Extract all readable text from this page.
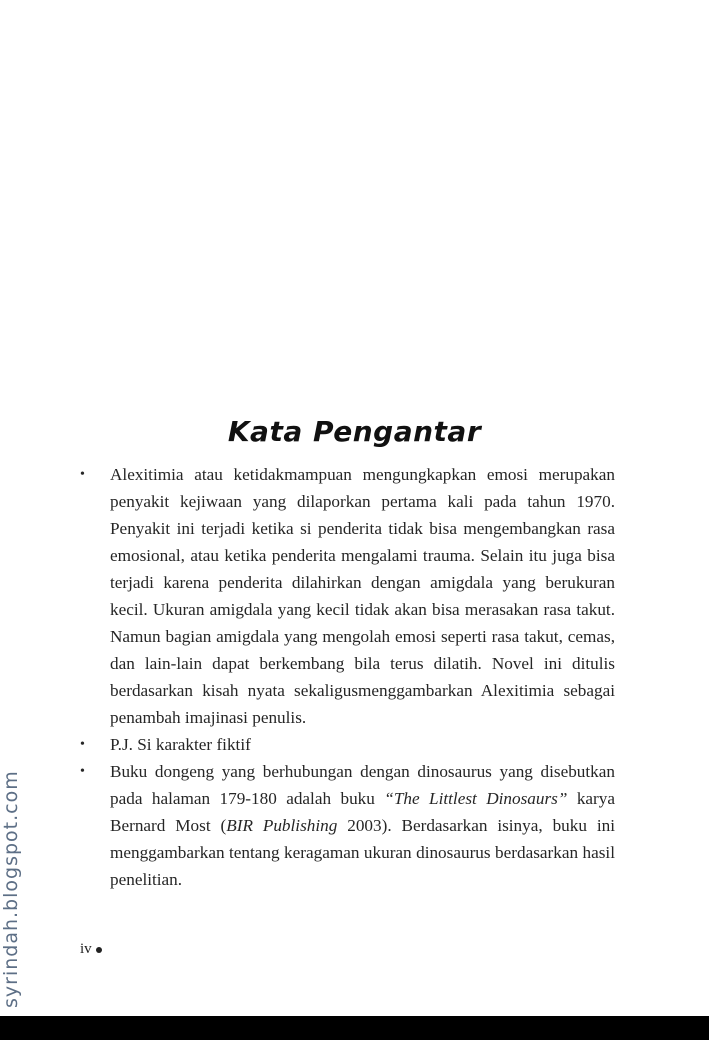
Kata Pengantar
• Alexitimia atau ketidakmampuan mengungkapkan emosi merupakan penyakit kejiwaan yang dilaporkan pertama kali pada tahun 1970. Penyakit ini terjadi ketika si penderita tidak bisa mengembangkan rasa emosional, atau ketika penderita mengalami trauma. Selain itu juga bisa terjadi karena penderita dilahirkan dengan amigdala yang berukuran kecil. Ukuran amigdala yang kecil tidak akan bisa merasakan rasa takut. Namun bagian amigdala yang mengolah emosi seperti rasa takut, cemas, dan lain-lain dapat berkembang bila terus dilatih. Novel ini ditulis berdasarkan kisah nyata sekaligusmenggambarkan Alexitimia sebagai penambah imajinasi penulis.
• P.J. Si karakter fiktif
• Buku dongeng yang berhubungan dengan dinosaurus yang disebutkan pada halaman 179-180 adalah buku “The Littlest Dinosaurs” karya Bernard Most (BIR Publishing 2003). Berdasarkan isinya, buku ini menggambarkan tentang keragaman ukuran dinosaurus berdasarkan hasil penelitian.
iv
syrindah.blogspot.com
